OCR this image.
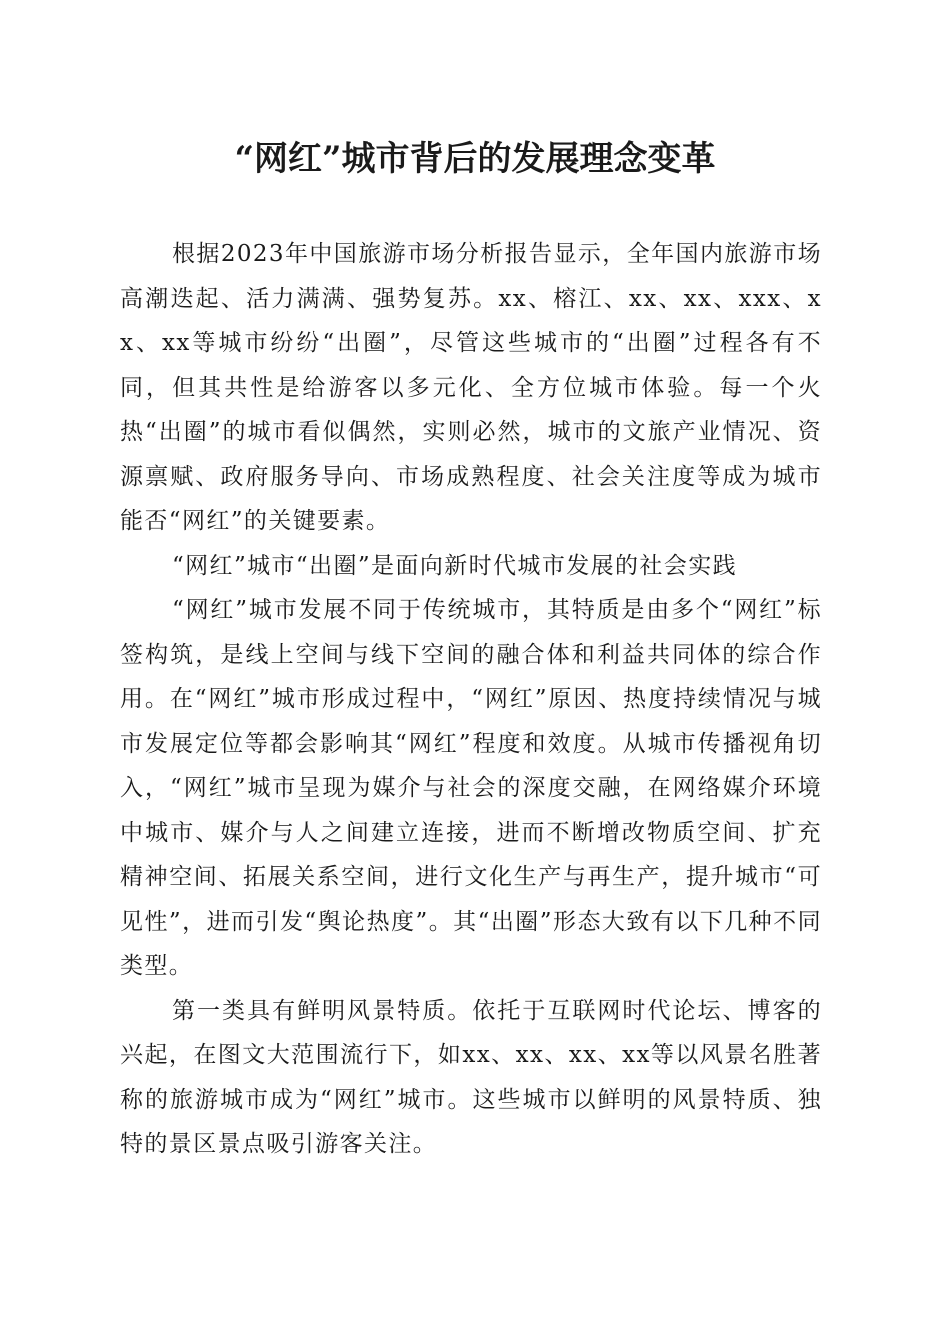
“网红”城市背后的发展理念变革

根据2023年中国旅游市场分析报告显示，全年国内旅游市场高潮迭起、活力满满、强势复苏。xx、榕江、xx、xx、xxx、xx、xx等城市纷纷“出圈”，尽管这些城市的“出圈”过程各有不同，但其共性是给游客以多元化、全方位城市体验。每一个火热“出圈”的城市看似偶然，实则必然，城市的文旅产业情况、资源禀赋、政府服务导向、市场成熟程度、社会关注度等成为城市能否“网红”的关键要素。

“网红”城市“出圈”是面向新时代城市发展的社会实践

“网红”城市发展不同于传统城市，其特质是由多个“网红”标签构筑，是线上空间与线下空间的融合体和利益共同体的综合作用。在“网红”城市形成过程中，“网红”原因、热度持续情况与城市发展定位等都会影响其“网红”程度和效度。从城市传播视角切入，“网红”城市呈现为媒介与社会的深度交融，在网络媒介环境中城市、媒介与人之间建立连接，进而不断增改物质空间、扩充精神空间、拓展关系空间，进行文化生产与再生产，提升城市“可见性”，进而引发“舆论热度”。其“出圈”形态大致有以下几种不同类型。

第一类具有鲜明风景特质。依托于互联网时代论坛、博客的兴起，在图文大范围流行下，如xx、xx、xx、xx等以风景名胜著称的旅游城市成为“网红”城市。这些城市以鲜明的风景特质、独特的景区景点吸引游客关注。
